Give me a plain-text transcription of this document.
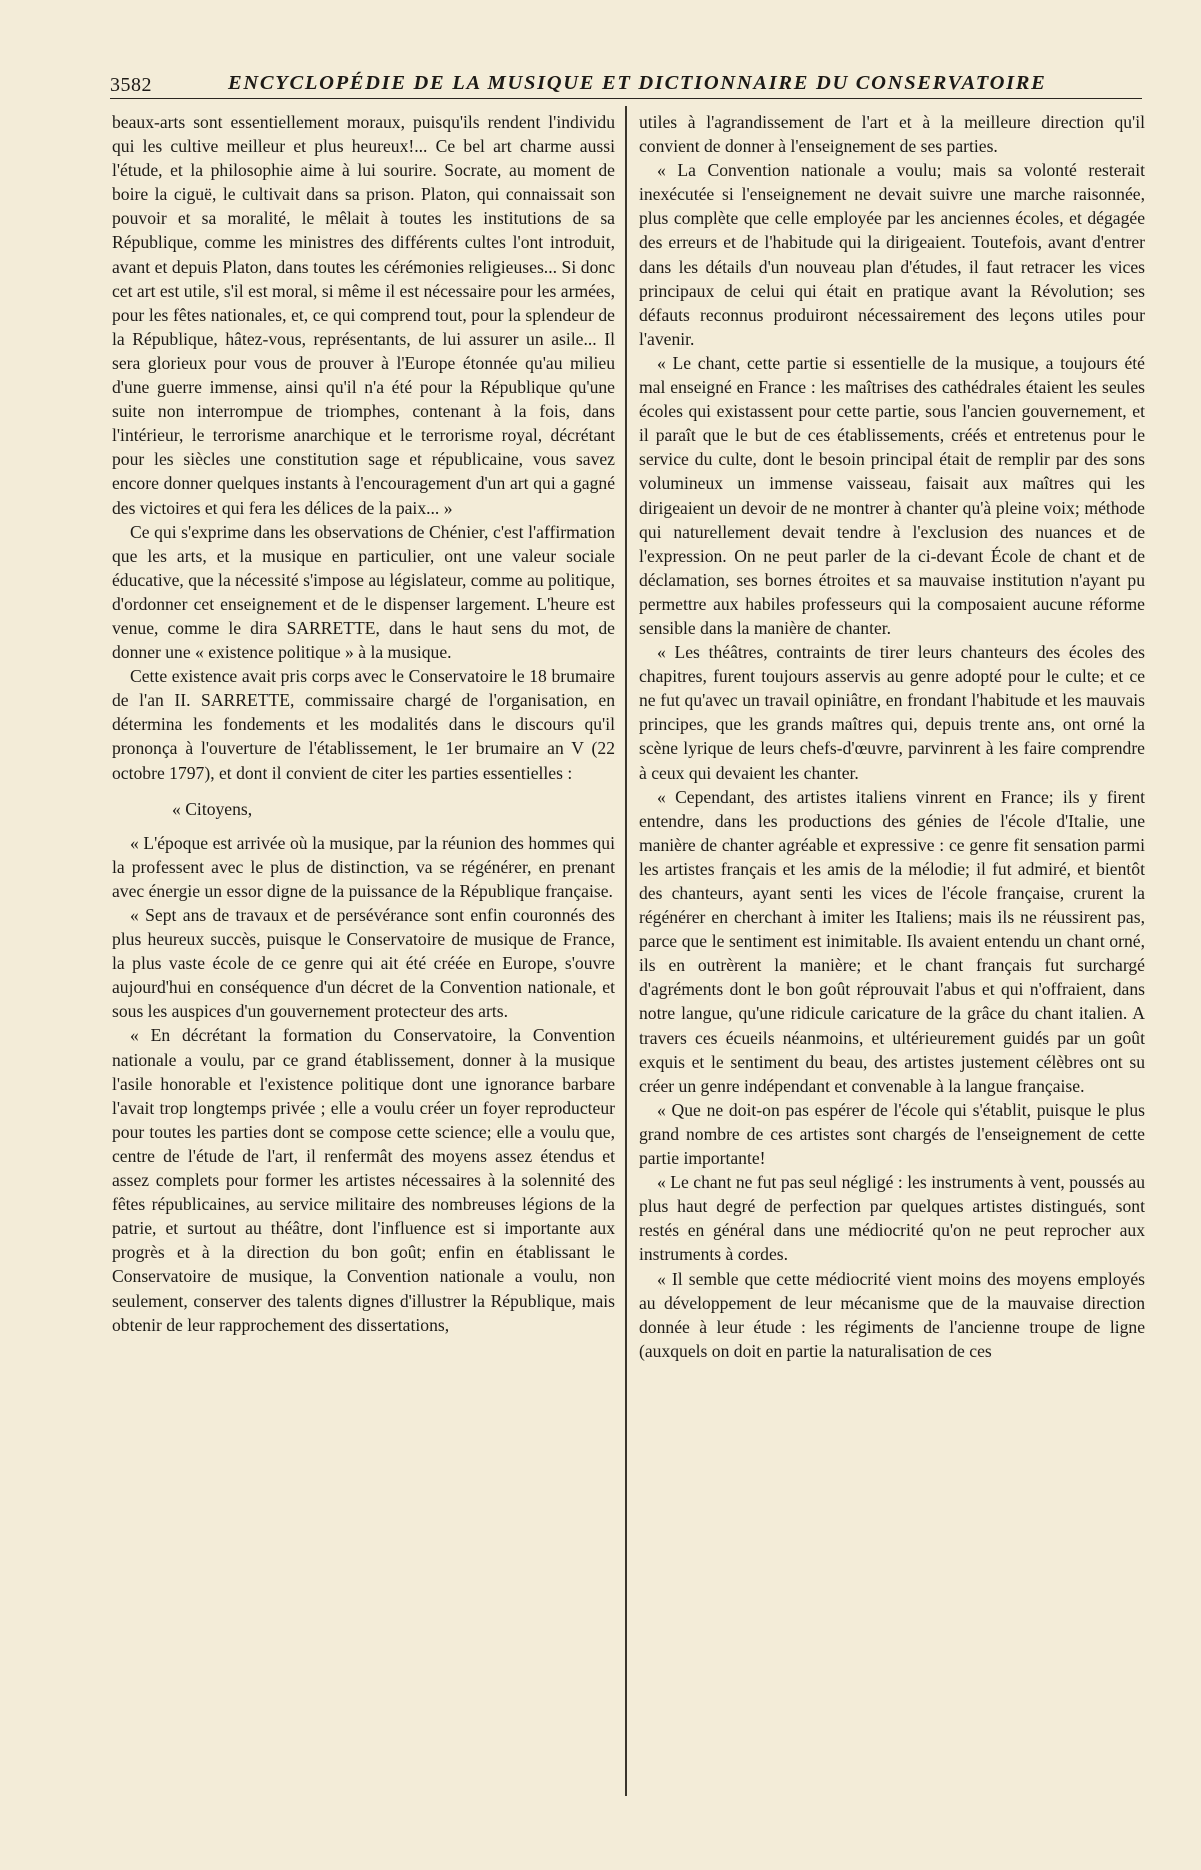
3582	ENCYCLOPÉDIE DE LA MUSIQUE ET DICTIONNAIRE DU CONSERVATOIRE

beaux-arts sont essentiellement moraux, puisqu'ils rendent l'individu qui les cultive meilleur et plus heureux!... Ce bel art charme aussi l'étude, et la philosophie aime à lui sourire. Socrate, au moment de boire la ciguë, le cultivait dans sa prison. Platon, qui connaissait son pouvoir et sa moralité, le mêlait à toutes les institutions de sa République, comme les ministres des différents cultes l'ont introduit, avant et depuis Platon, dans toutes les cérémonies religieuses... Si donc cet art est utile, s'il est moral, si même il est nécessaire pour les armées, pour les fêtes nationales, et, ce qui comprend tout, pour la splendeur de la République, hâtez-vous, représentants, de lui assurer un asile... Il sera glorieux pour vous de prouver à l'Europe étonnée qu'au milieu d'une guerre immense, ainsi qu'il n'a été pour la République qu'une suite non interrompue de triomphes, contenant à la fois, dans l'intérieur, le terrorisme anarchique et le terrorisme royal, décrétant pour les siècles une constitution sage et républicaine, vous savez encore donner quelques instants à l'encouragement d'un art qui a gagné des victoires et qui fera les délices de la paix... »

Ce qui s'exprime dans les observations de Chénier, c'est l'affirmation que les arts, et la musique en particulier, ont une valeur sociale éducative, que la nécessité s'impose au législateur, comme au politique, d'ordonner cet enseignement et de le dispenser largement. L'heure est venue, comme le dira SARRETTE, dans le haut sens du mot, de donner une « existence politique » à la musique.

Cette existence avait pris corps avec le Conservatoire le 18 brumaire de l'an II. SARRETTE, commissaire chargé de l'organisation, en détermina les fondements et les modalités dans le discours qu'il prononça à l'ouverture de l'établissement, le 1er brumaire an V (22 octobre 1797), et dont il convient de citer les parties essentielles :

« Citoyens,

« L'époque est arrivée où la musique, par la réunion des hommes qui la professent avec le plus de distinction, va se régénérer, en prenant avec énergie un essor digne de la puissance de la République française.

« Sept ans de travaux et de persévérance sont enfin couronnés des plus heureux succès, puisque le Conservatoire de musique de France, la plus vaste école de ce genre qui ait été créée en Europe, s'ouvre aujourd'hui en conséquence d'un décret de la Convention nationale, et sous les auspices d'un gouvernement protecteur des arts.

« En décrétant la formation du Conservatoire, la Convention nationale a voulu, par ce grand établissement, donner à la musique l'asile honorable et l'existence politique dont une ignorance barbare l'avait trop longtemps privée ; elle a voulu créer un foyer reproducteur pour toutes les parties dont se compose cette science; elle a voulu que, centre de l'étude de l'art, il renfermât des moyens assez étendus et assez complets pour former les artistes nécessaires à la solennité des fêtes républicaines, au service militaire des nombreuses légions de la patrie, et surtout au théâtre, dont l'influence est si importante aux progrès et à la direction du bon goût; enfin en établissant le Conservatoire de musique, la Convention nationale a voulu, non seulement, conserver des talents dignes d'illustrer la République, mais obtenir de leur rapprochement des dissertations,

utiles à l'agrandissement de l'art et à la meilleure direction qu'il convient de donner à l'enseignement de ses parties.

« La Convention nationale a voulu; mais sa volonté resterait inexécutée si l'enseignement ne devait suivre une marche raisonnée, plus complète que celle employée par les anciennes écoles, et dégagée des erreurs et de l'habitude qui la dirigeaient. Toutefois, avant d'entrer dans les détails d'un nouveau plan d'études, il faut retracer les vices principaux de celui qui était en pratique avant la Révolution; ses défauts reconnus produiront nécessairement des leçons utiles pour l'avenir.

« Le chant, cette partie si essentielle de la musique, a toujours été mal enseigné en France : les maîtrises des cathédrales étaient les seules écoles qui existassent pour cette partie, sous l'ancien gouvernement, et il paraît que le but de ces établissements, créés et entretenus pour le service du culte, dont le besoin principal était de remplir par des sons volumineux un immense vaisseau, faisait aux maîtres qui les dirigeaient un devoir de ne montrer à chanter qu'à pleine voix; méthode qui naturellement devait tendre à l'exclusion des nuances et de l'expression. On ne peut parler de la ci-devant École de chant et de déclamation, ses bornes étroites et sa mauvaise institution n'ayant pu permettre aux habiles professeurs qui la composaient aucune réforme sensible dans la manière de chanter.

« Les théâtres, contraints de tirer leurs chanteurs des écoles des chapitres, furent toujours asservis au genre adopté pour le culte; et ce ne fut qu'avec un travail opiniâtre, en frondant l'habitude et les mauvais principes, que les grands maîtres qui, depuis trente ans, ont orné la scène lyrique de leurs chefs-d'œuvre, parvinrent à les faire comprendre à ceux qui devaient les chanter.

« Cependant, des artistes italiens vinrent en France; ils y firent entendre, dans les productions des génies de l'école d'Italie, une manière de chanter agréable et expressive : ce genre fit sensation parmi les artistes français et les amis de la mélodie; il fut admiré, et bientôt des chanteurs, ayant senti les vices de l'école française, crurent la régénérer en cherchant à imiter les Italiens; mais ils ne réussirent pas, parce que le sentiment est inimitable. Ils avaient entendu un chant orné, ils en outrèrent la manière; et le chant français fut surchargé d'agréments dont le bon goût réprouvait l'abus et qui n'offraient, dans notre langue, qu'une ridicule caricature de la grâce du chant italien. A travers ces écueils néanmoins, et ultérieurement guidés par un goût exquis et le sentiment du beau, des artistes justement célèbres ont su créer un genre indépendant et convenable à la langue française.

« Que ne doit-on pas espérer de l'école qui s'établit, puisque le plus grand nombre de ces artistes sont chargés de l'enseignement de cette partie importante!

« Le chant ne fut pas seul négligé : les instruments à vent, poussés au plus haut degré de perfection par quelques artistes distingués, sont restés en général dans une médiocrité qu'on ne peut reprocher aux instruments à cordes.

« Il semble que cette médiocrité vient moins des moyens employés au développement de leur mécanisme que de la mauvaise direction donnée à leur étude : les régiments de l'ancienne troupe de ligne (auxquels on doit en partie la naturalisation de ces
